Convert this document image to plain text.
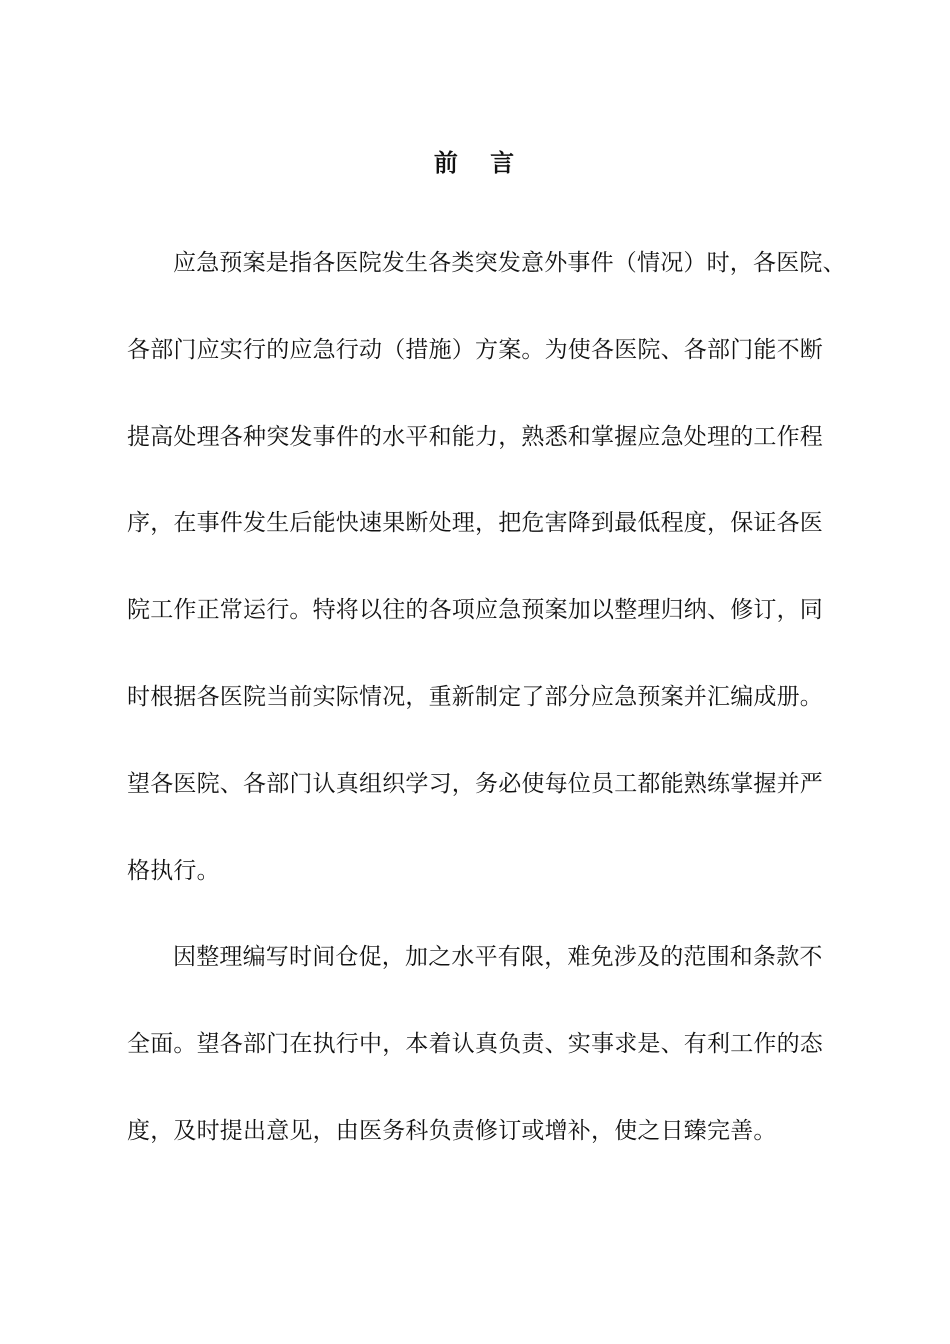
前 言
应急预案是指各医院发生各类突发意外事件（情况）时，各医院、
各部门应实行的应急行动（措施）方案。为使各医院、各部门能不断
提高处理各种突发事件的水平和能力，熟悉和掌握应急处理的工作程
序，在事件发生后能快速果断处理，把危害降到最低程度，保证各医
院工作正常运行。特将以往的各项应急预案加以整理归纳、修订，同
时根据各医院当前实际情况，重新制定了部分应急预案并汇编成册。
望各医院、各部门认真组织学习，务必使每位员工都能熟练掌握并严
格执行。
因整理编写时间仓促，加之水平有限，难免涉及的范围和条款不
全面。望各部门在执行中，本着认真负责、实事求是、有利工作的态
度，及时提出意见，由医务科负责修订或增补，使之日臻完善。
